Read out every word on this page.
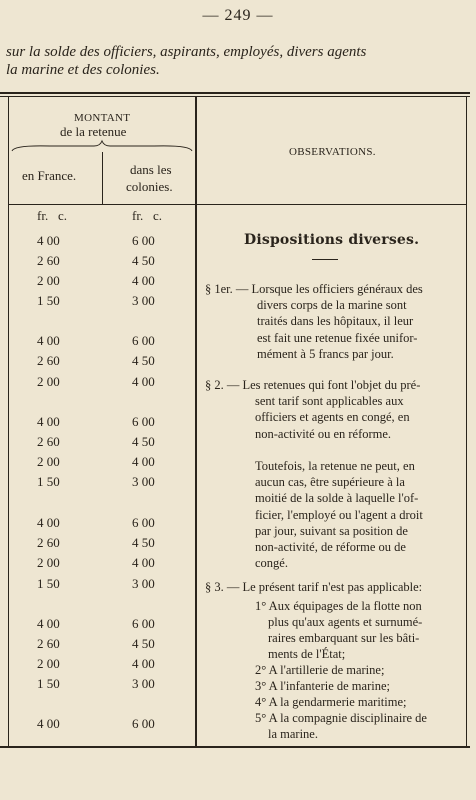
— 249 —
sur la solde des officiers, aspirants, employés, divers agents
la marine et des colonies.
MONTANT
de la retenue
en France.	dans les
colonies.
OBSERVATIONS.
fr.   c.	fr.   c.
4 00	6 00
2 60	4 50
2 00	4 00
1 50	3 00
4 00	6 00
2 60	4 50
2 00	4 00
4 00	6 00
2 60	4 50
2 00	4 00
1 50	3 00
4 00	6 00
2 60	4 50
2 00	4 00
1 50	3 00
4 00	6 00
2 60	4 50
2 00	4 00
1 50	3 00
4 00	6 00
Dispositions diverses.
§ 1er. — Lorsque les officiers généraux des
divers corps de la marine sont
traités dans les hôpitaux, il leur
est fait une retenue fixée unifor-
mément à 5 francs par jour.
§ 2. — Les retenues qui font l'objet du pré-
sent tarif sont applicables aux
officiers et agents en congé, en
non-activité ou en réforme.
Toutefois, la retenue ne peut, en
aucun cas, être supérieure à la
moitié de la solde à laquelle l'of-
ficier, l'employé ou l'agent a droit
par jour, suivant sa position de
non-activité, de réforme ou de
congé.
§ 3. — Le présent tarif n'est pas applicable:
1° Aux équipages de la flotte non
plus qu'aux agents et surnumé-
raires embarquant sur les bâti-
ments de l'État;
2° A l'artillerie de marine;
3° A l'infanterie de marine;
4° A la gendarmerie maritime;
5° A la compagnie disciplinaire de
la marine.
